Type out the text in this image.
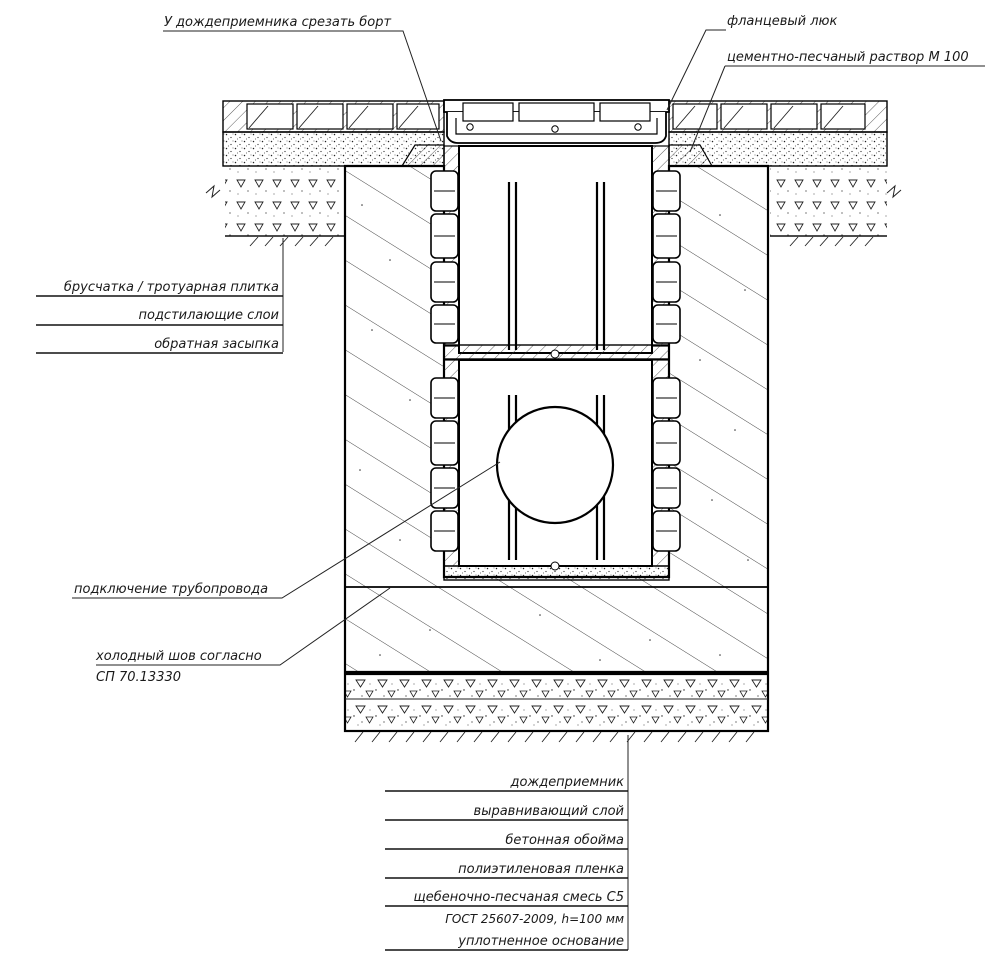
брусчатка / тротуарная плитка
подстилающие слои
обратная засыпка
дождеприемник
выравнивающий слой
бетонная обойма
полиэтиленовая пленка
щебеночно-песчаная смесь С5
ГОСТ 25607-2009, h=100 мм
уплотненное основание
У дождеприемника срезать борт	фланцевый люк
цементно-песчаный раствор М 100
подключение трубопровода
холодный шов согласно
СП 70.13330
